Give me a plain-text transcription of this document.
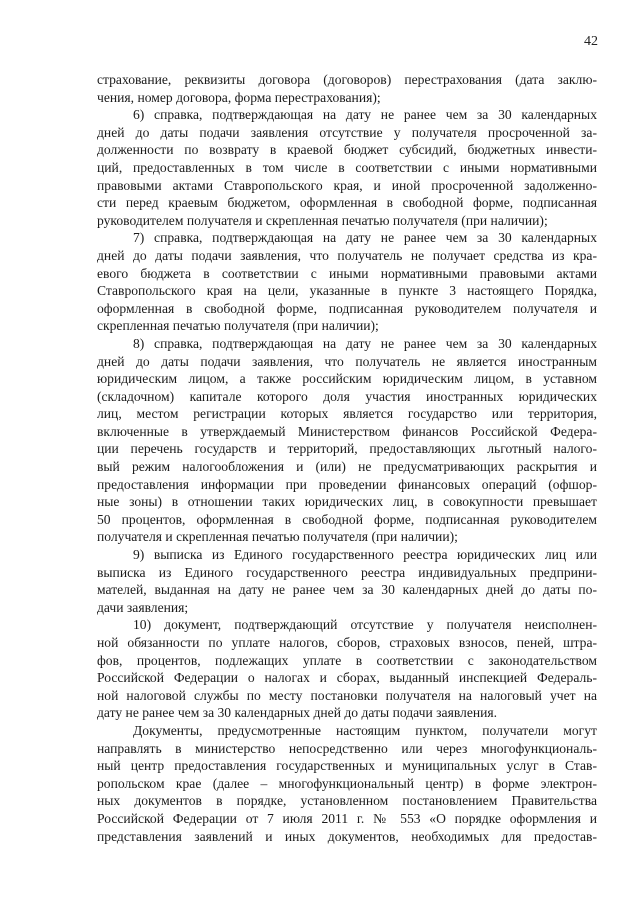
42
страхование, реквизиты договора (договоров) перестрахования (дата заклю-
чения, номер договора, форма перестрахования);
6) справка, подтверждающая на дату не ранее чем за 30 календарных
дней до даты подачи заявления отсутствие у получателя просроченной за-
долженности по возврату в краевой бюджет субсидий, бюджетных инвести-
ций, предоставленных в том числе в соответствии с иными нормативными
правовыми актами Ставропольского края, и иной просроченной задолженно-
сти перед краевым бюджетом, оформленная в свободной форме, подписанная
руководителем получателя и скрепленная печатью получателя (при наличии);
7) справка, подтверждающая на дату не ранее чем за 30 календарных
дней до даты подачи заявления, что получатель не получает средства из кра-
евого бюджета в соответствии с иными нормативными правовыми актами
Ставропольского края на цели, указанные в пункте 3 настоящего Порядка,
оформленная в свободной форме, подписанная руководителем получателя и
скрепленная печатью получателя (при наличии);
8) справка, подтверждающая на дату не ранее чем за 30 календарных
дней до даты подачи заявления, что получатель не является иностранным
юридическим лицом, а также российским юридическим лицом, в уставном
(складочном) капитале которого доля участия иностранных юридических
лиц, местом регистрации которых является государство или территория,
включенные в утверждаемый Министерством финансов Российской Федера-
ции перечень государств и территорий, предоставляющих льготный налого-
вый режим налогообложения и (или) не предусматривающих раскрытия и
предоставления информации при проведении финансовых операций (офшор-
ные зоны) в отношении таких юридических лиц, в совокупности превышает
50 процентов, оформленная в свободной форме, подписанная руководителем
получателя и скрепленная печатью получателя (при наличии);
9) выписка из Единого государственного реестра юридических лиц или
выписка из Единого государственного реестра индивидуальных предприни-
мателей, выданная на дату не ранее чем за 30 календарных дней до даты по-
дачи заявления;
10) документ, подтверждающий отсутствие у получателя неисполнен-
ной обязанности по уплате налогов, сборов, страховых взносов, пеней, штра-
фов, процентов, подлежащих уплате в соответствии с законодательством
Российской Федерации о налогах и сборах, выданный инспекцией Федераль-
ной налоговой службы по месту постановки получателя на налоговый учет на
дату не ранее чем за 30 календарных дней до даты подачи заявления.
Документы, предусмотренные настоящим пунктом, получатели могут
направлять в министерство непосредственно или через многофункциональ-
ный центр предоставления государственных и муниципальных услуг в Став-
ропольском крае (далее – многофункциональный центр) в форме электрон-
ных документов в порядке, установленном постановлением Правительства
Российской Федерации от 7 июля 2011 г. № 553 «О порядке оформления и
представления заявлений и иных документов, необходимых для предостав-
